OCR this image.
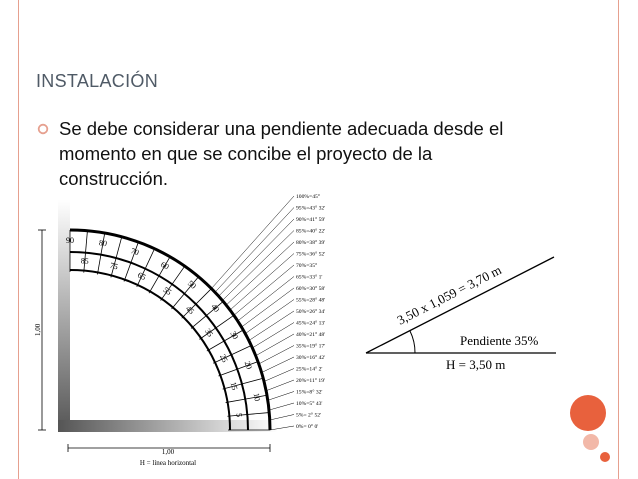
INSTALACIÓN
Se debe considerar una pendiente adecuada desde el momento en que se concibe el proyecto de la construcción.
1,00
1,00
H = línea horizontal
90	80
70
60
50
40
30
20
10
85 75
65
55
45
35
25
15
5
100%=45°
95%=43° 32'
90%=41° 59'
85%=40° 22'
80%=38° 39'
75%=36° 52'
70%=35°
65%=33° 1'
60%=30° 58'
55%=28° 48'
50%=26° 34'
45%=24° 13'
40%=21° 48'
35%=19° 17'
30%=16° 42'
25%=14° 2'
20%=11° 19'
15%=8° 32'
10%=5° 43'
5%= 2° 52'
0%= 0° 0'
3,50 x 1,059 = 3,70 m
Pendiente 35%
H = 3,50 m
